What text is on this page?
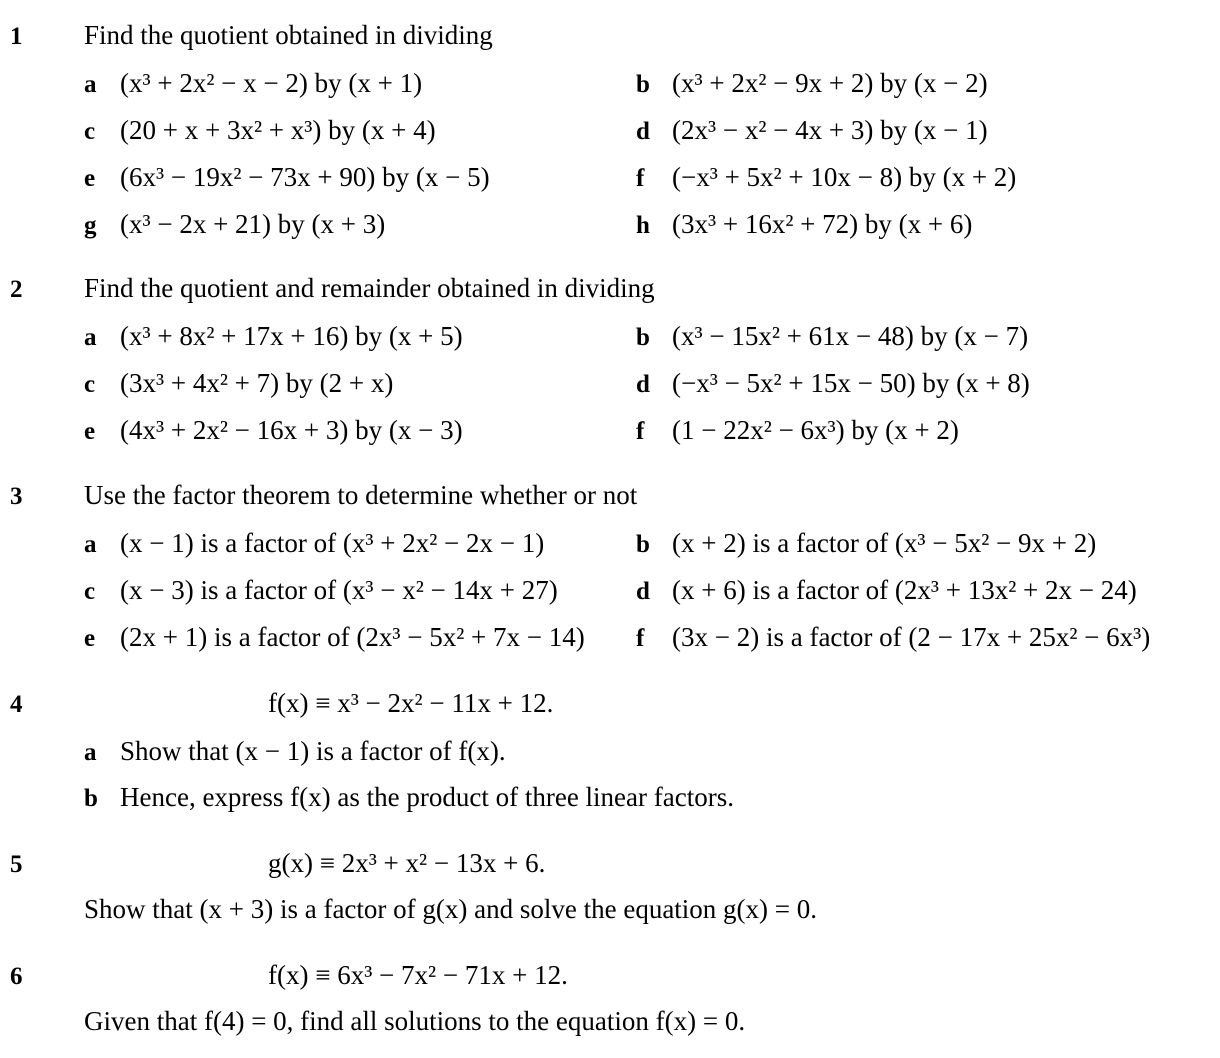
1 Find the quotient obtained in dividing
a (x³ + 2x² − x − 2) by (x + 1)	b (x³ + 2x² − 9x + 2) by (x − 2)
c (20 + x + 3x² + x³) by (x + 4)	d (2x³ − x² − 4x + 3) by (x − 1)
e (6x³ − 19x² − 73x + 90) by (x − 5)	f (−x³ + 5x² + 10x − 8) by (x + 2)
g (x³ − 2x + 21) by (x + 3)	h (3x³ + 16x² + 72) by (x + 6)
2 Find the quotient and remainder obtained in dividing
a (x³ + 8x² + 17x + 16) by (x + 5)	b (x³ − 15x² + 61x − 48) by (x − 7)
c (3x³ + 4x² + 7) by (2 + x)	d (−x³ − 5x² + 15x − 50) by (x + 8)
e (4x³ + 2x² − 16x + 3) by (x − 3)	f (1 − 22x² − 6x³) by (x + 2)
3 Use the factor theorem to determine whether or not
a (x − 1) is a factor of (x³ + 2x² − 2x − 1)	b (x + 2) is a factor of (x³ − 5x² − 9x + 2)
c (x − 3) is a factor of (x³ − x² − 14x + 27)	d (x + 6) is a factor of (2x³ + 13x² + 2x − 24)
e (2x + 1) is a factor of (2x³ − 5x² + 7x − 14) f (3x − 2) is a factor of (2 − 17x + 25x² − 6x³)
4	f(x) ≡ x³ − 2x² − 11x + 12.
a Show that (x − 1) is a factor of f(x).
b Hence, express f(x) as the product of three linear factors.
5	g(x) ≡ 2x³ + x² − 13x + 6.
Show that (x + 3) is a factor of g(x) and solve the equation g(x) = 0.
6	f(x) ≡ 6x³ − 7x² − 71x + 12.
Given that f(4) = 0, find all solutions to the equation f(x) = 0.
